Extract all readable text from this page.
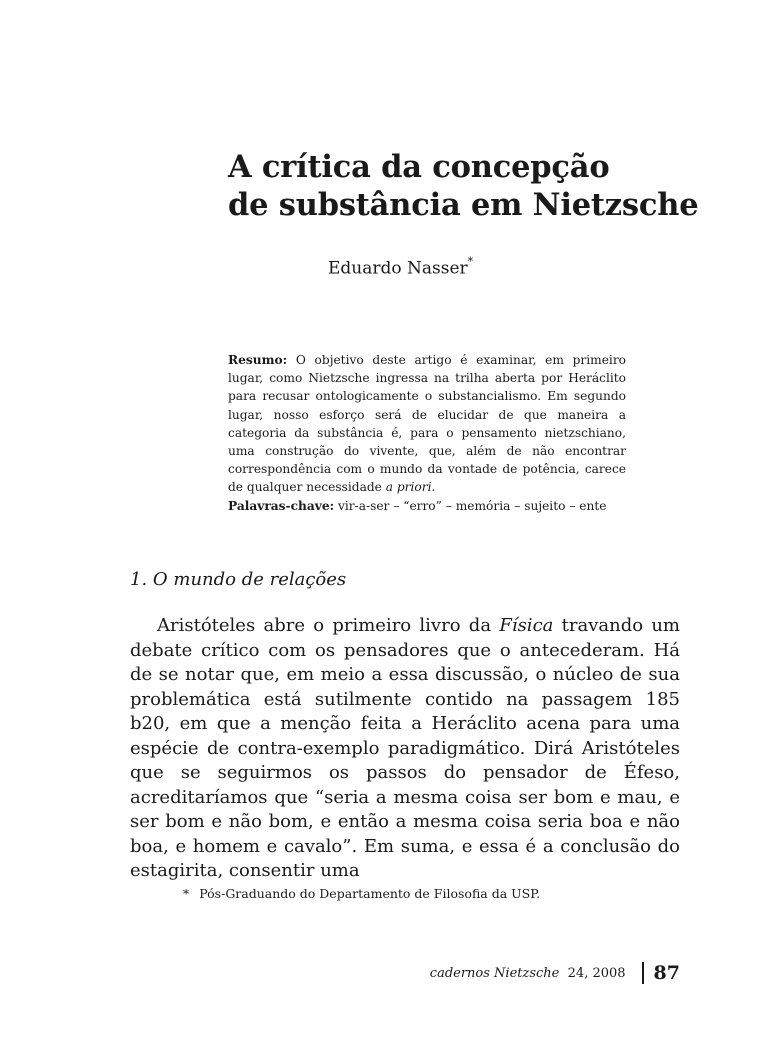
A crítica da concepção
de substância em Nietzsche
Eduardo Nasser*

Resumo: O objetivo deste artigo é examinar, em primeiro lugar, como Nietzsche ingressa na trilha aberta por Heráclito para recusar ontologicamente o substancialismo. Em segundo lugar, nosso esforço será de elucidar de que maneira a categoria da substância é, para o pensamento nietzschiano, uma construção do vivente, que, além de não encontrar correspondência com o mundo da vontade de potência, carece de qualquer necessidade a priori.

Palavras-chave: vir-a-ser – “erro” – memória – sujeito – ente

1. O mundo de relações

Aristóteles abre o primeiro livro da Física travando um debate crítico com os pensadores que o antecederam. Há de se notar que, em meio a essa discussão, o núcleo de sua problemática está sutilmente contido na passagem 185 b20, em que a menção feita a Heráclito acena para uma espécie de contra-exemplo paradigmático. Dirá Aristóteles que se seguirmos os passos do pensador de Éfeso, acreditaríamos que “seria a mesma coisa ser bom e mau, e ser bom e não bom, e então a mesma coisa seria boa e não boa, e homem e cavalo”. Em suma, e essa é a conclusão do estagirita, consentir uma

* Pós-Graduando do Departamento de Filosofia da USP.
cadernos Nietzsche
24, 2008 87
